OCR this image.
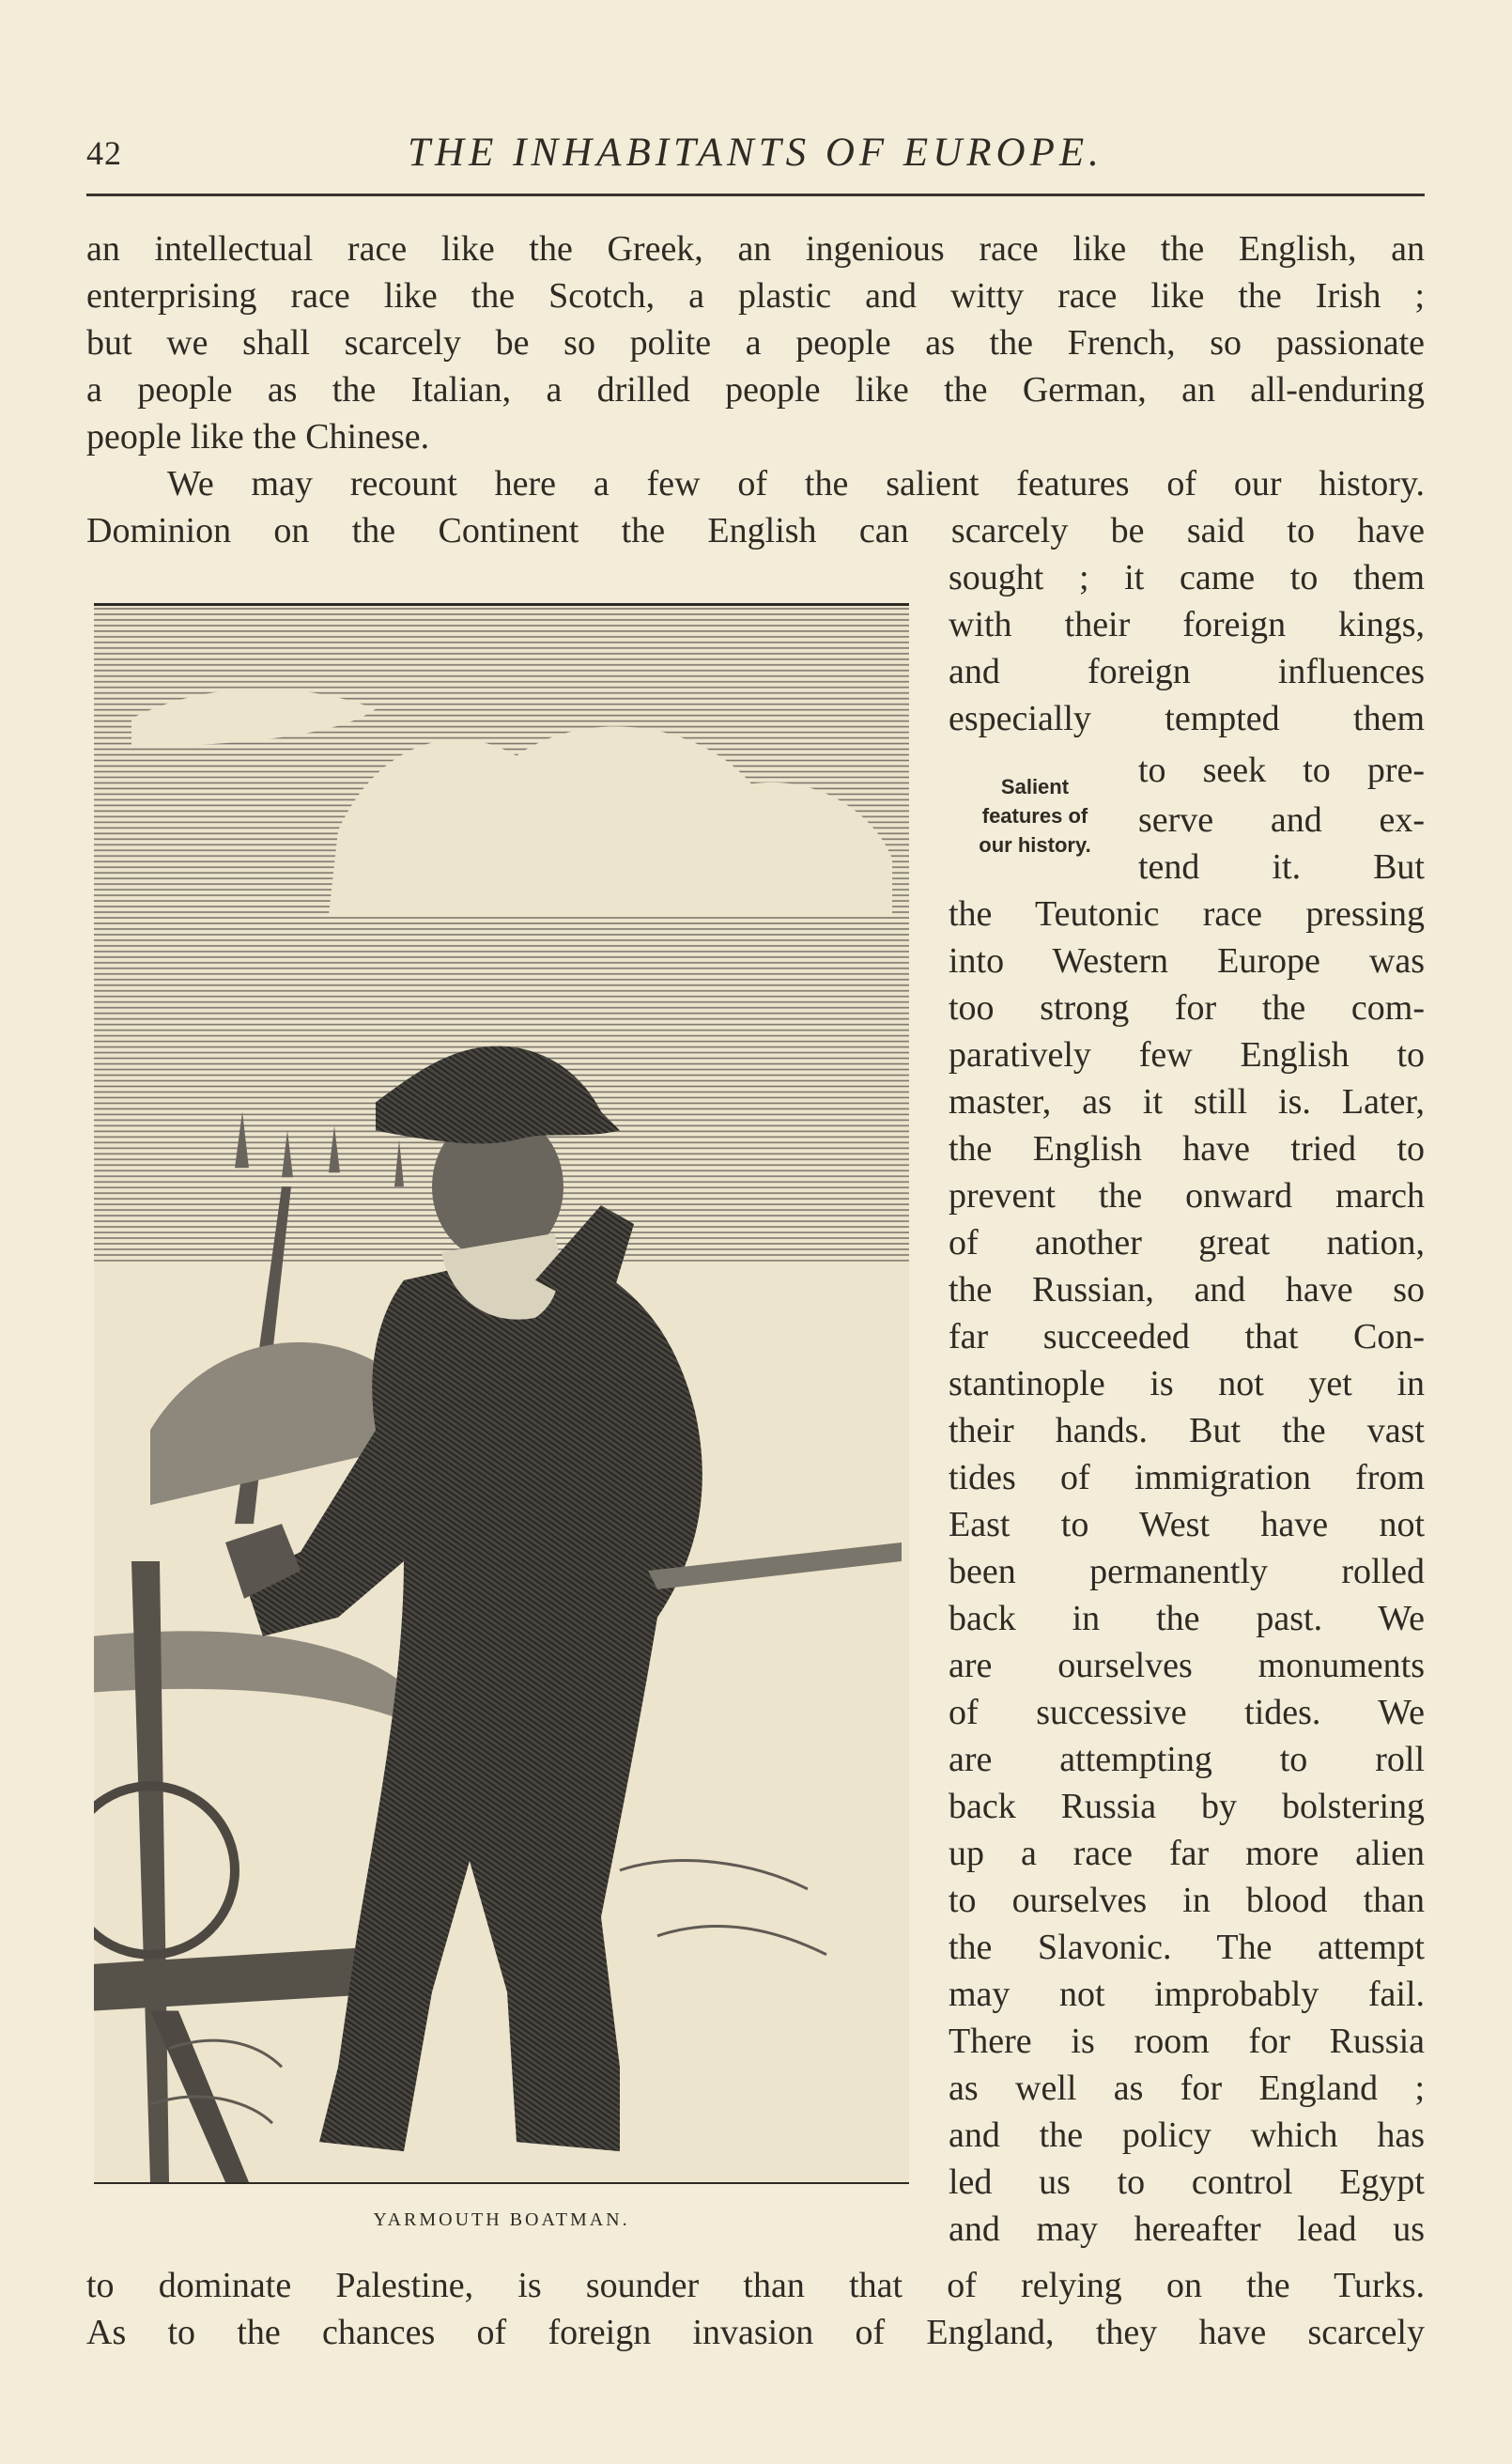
42	THE INHABITANTS OF EUROPE.

an intellectual race like the Greek, an ingenious race like the English, an

enterprising race like the Scotch, a plastic and witty race like the Irish ;

but we shall scarcely be so polite a people as the French, so passionate

a people as the Italian, a drilled people like the German, an all-enduring

people like the Chinese.

We may recount here a few of the salient features of our history.

Dominion on the Continent the English can scarcely be said to have

sought ; it came to them

with their foreign kings,

and foreign influences

especially tempted them

to seek to pre-

serve and ex-

tend it. But

the Teutonic race pressing

into Western Europe was

too strong for the com-

paratively few English to

master, as it still is. Later,

the English have tried to

prevent the onward march

of another great nation,

the Russian, and have so

far succeeded that Con-

stantinople is not yet in

their hands. But the vast

tides of immigration from

East to West have not

been permanently rolled

back in the past. We

are ourselves monuments

of successive tides. We

are attempting to roll

back Russia by bolstering

up a race far more alien

to ourselves in blood than

the Slavonic. The attempt

may not improbably fail.

There is room for Russia

as well as for England ;

and the policy which has

led us to control Egypt

and may hereafter lead us

to dominate Palestine, is sounder than that of relying on the Turks.

As to the chances of foreign invasion of England, they have scarcely

Salient
features of
our history.
YARMOUTH BOATMAN.
